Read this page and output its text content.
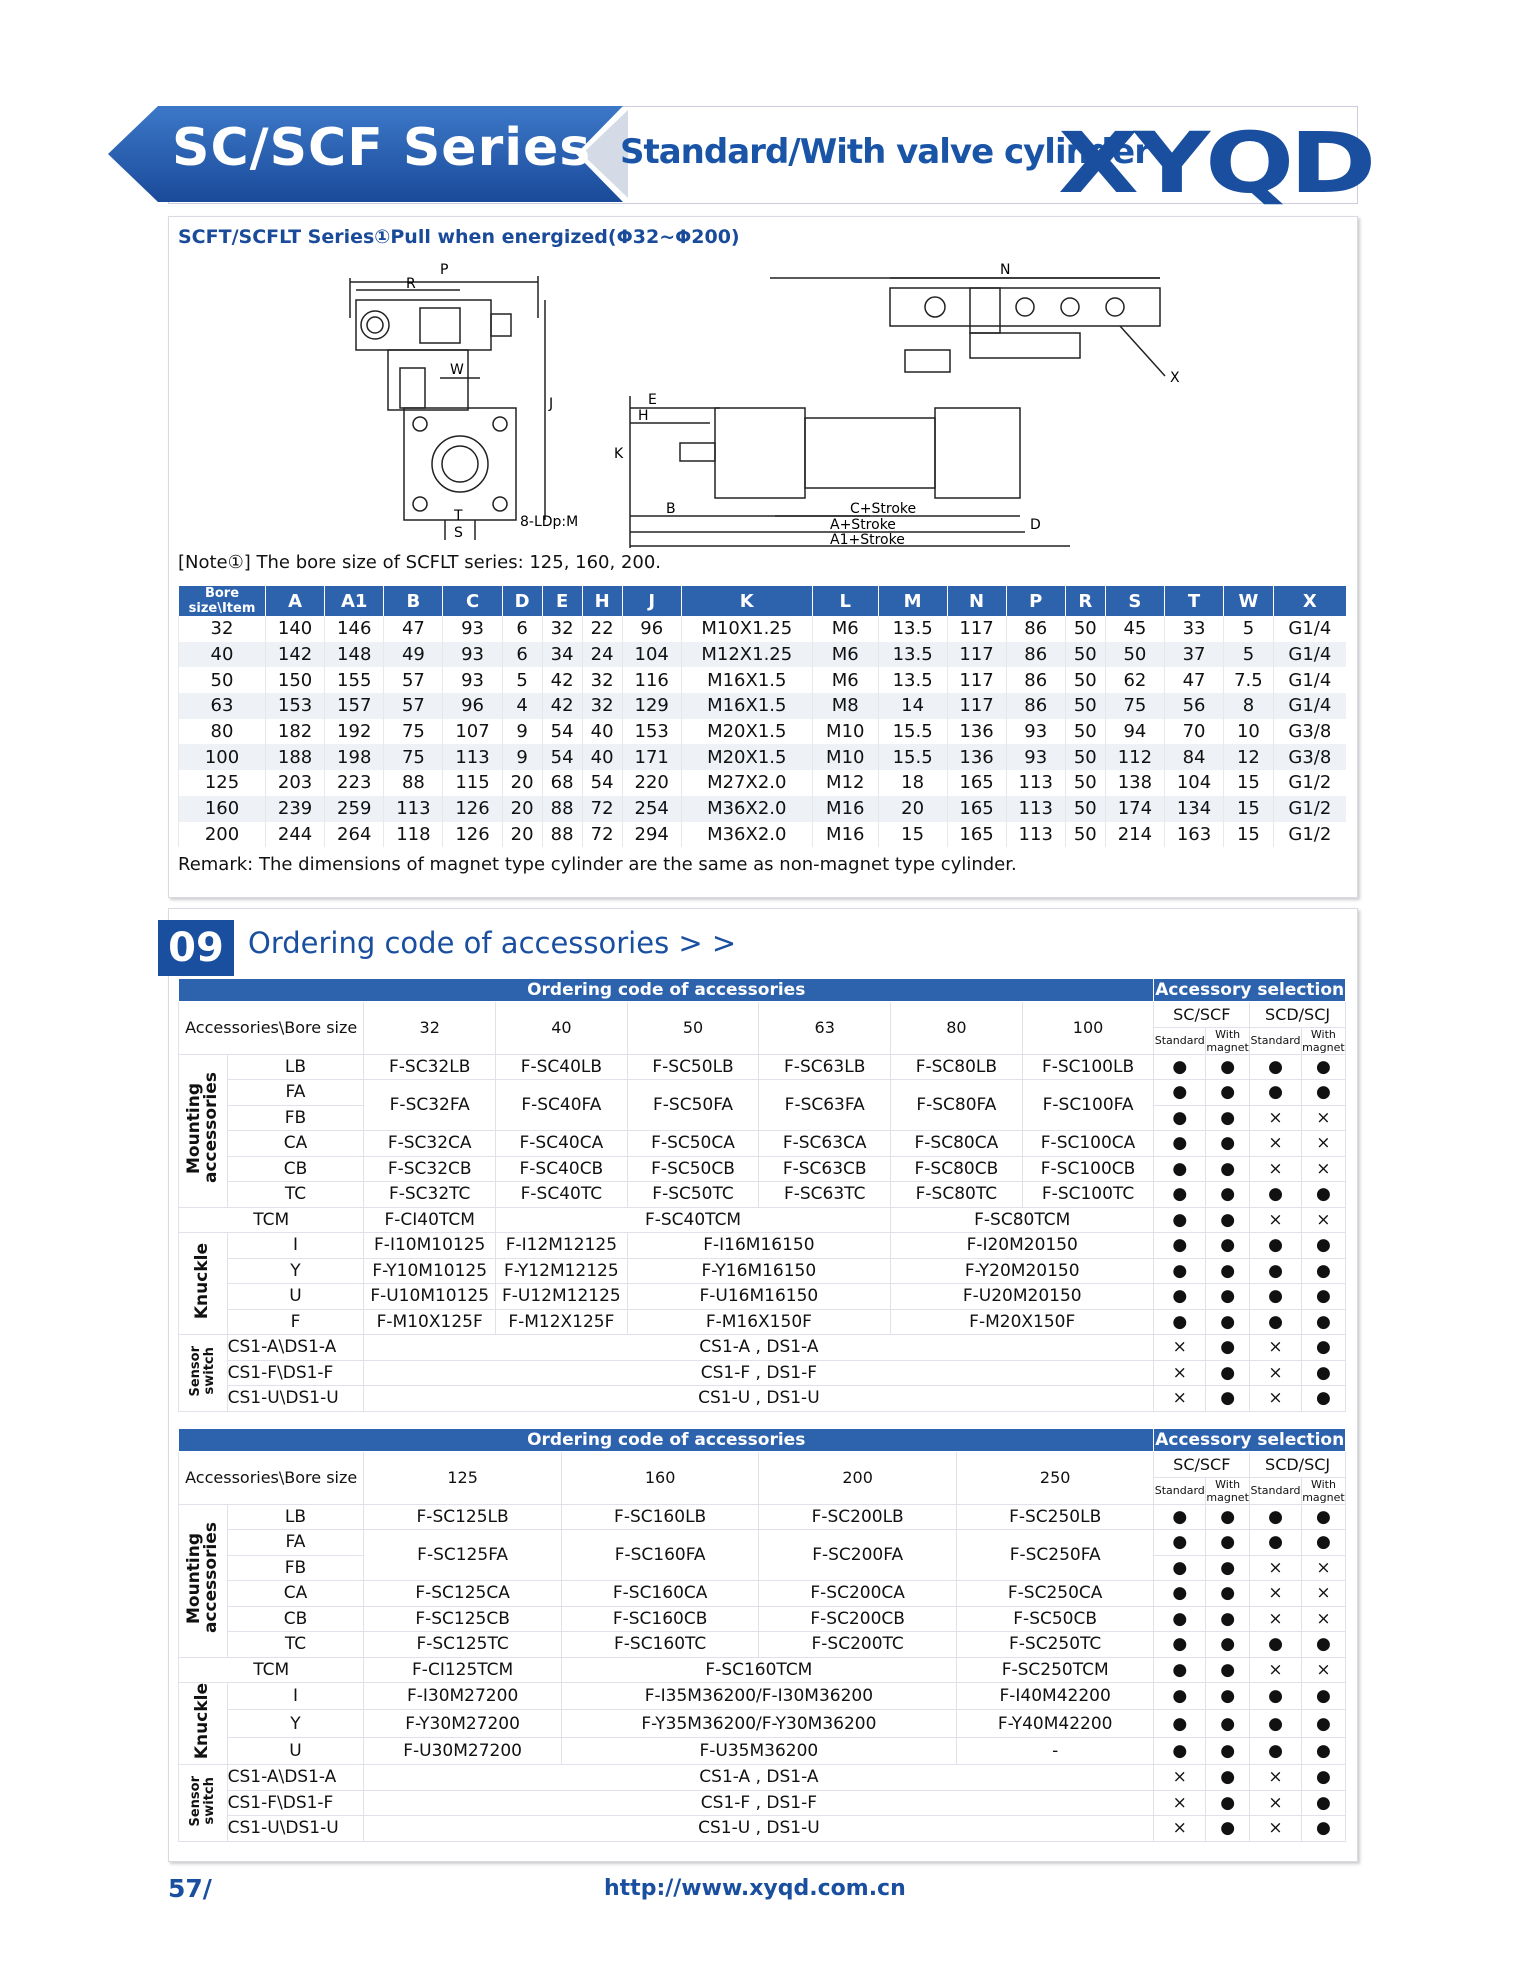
SC/SCF Series Standard/With valve cylinder
XYQD
SCFT/SCFLT Series①Pull when energized(Φ32~Φ200)
P
R
W
J
T
S
8-LDp:M
N
X
E
H
K
B	C+Stroke
A+Stroke
A1+Stroke
D
[Note①] The bore size of SCFLT series: 125, 160, 200.
Bore size\Item	A	A1	B	C	D	E	H	J	K	L	M	N	P	R	S	T	W	X
32	140	146	47	93	6	32	22	96	M10X1.25	M6	13.5	117	86	50	45	33	5	G1/4
40	142	148	49	93	6	34	24	104	M12X1.25	M6	13.5	117	86	50	50	37	5	G1/4
50	150	155	57	93	5	42	32	116	M16X1.5	M6	13.5	117	86	50	62	47	7.5	G1/4
63	153	157	57	96	4	42	32	129	M16X1.5	M8	14	117	86	50	75	56	8	G1/4
80	182	192	75	107	9	54	40	153	M20X1.5	M10	15.5	136	93	50	94	70	10	G3/8
100	188	198	75	113	9	54	40	171	M20X1.5	M10	15.5	136	93	50	112	84	12	G3/8
125	203	223	88	115	20	68	54	220	M27X2.0	M12	18	165	113	50	138	104	15	G1/2
160	239	259	113	126	20	88	72	254	M36X2.0	M16	20	165	113	50	174	134	15	G1/2
200	244	264	118	126	20	88	72	294	M36X2.0	M16	15	165	113	50	214	163	15	G1/2
Remark: The dimensions of magnet type cylinder are the same as non-magnet type cylinder.
09 Ordering code of accessories > >
Ordering code of accessories								Accessory selection			
Accessories\Bore size		32	40	50	63	80	100	SC/SCF		SCD/SCJ	
								Standard	With magnet	Standard	With magnet
Mounting accessories	LB	F-SC32LB	F-SC40LB	F-SC50LB	F-SC63LB	F-SC80LB	F-SC100LB	●	●	●	●
	FA	F-SC32FA	F-SC40FA	F-SC50FA	F-SC63FA	F-SC80FA	F-SC100FA	●	●	●	●
	FB							●	●	×	×
	CA	F-SC32CA	F-SC40CA	F-SC50CA	F-SC63CA	F-SC80CA	F-SC100CA	●	●	×	×
	CB	F-SC32CB	F-SC40CB	F-SC50CB	F-SC63CB	F-SC80CB	F-SC100CB	●	●	×	×
	TC	F-SC32TC	F-SC40TC	F-SC50TC	F-SC63TC	F-SC80TC	F-SC100TC	●	●	●	●
TCM		F-CI40TCM	F-SC40TCM			F-SC80TCM		●	●	×	×
Knuckle	I	F-I10M10125	F-I12M12125	F-I16M16150		F-I20M20150		●	●	●	●
	Y	F-Y10M10125	F-Y12M12125	F-Y16M16150		F-Y20M20150		●	●	●	●
	U	F-U10M10125	F-U12M12125	F-U16M16150		F-U20M20150		●	●	●	●
	F	F-M10X125F	F-M12X125F	F-M16X150F		F-M20X150F		●	●	●	●
Sensor switch	CS1-A\DS1-A	CS1-A , DS1-A						×	●	×	●
	CS1-F\DS1-F	CS1-F , DS1-F						×	●	×	●
	CS1-U\DS1-U	CS1-U , DS1-U						×	●	×	●
Ordering code of accessories						Accessory selection			
Accessories\Bore size		125	160	200	250	SC/SCF		SCD/SCJ	
						Standard	With magnet	Standard	With magnet
Mounting accessories	LB	F-SC125LB	F-SC160LB	F-SC200LB	F-SC250LB	●	●	●	●
	FA	F-SC125FA	F-SC160FA	F-SC200FA	F-SC250FA	●	●	●	●
	FB					●	●	×	×
	CA	F-SC125CA	F-SC160CA	F-SC200CA	F-SC250CA	●	●	×	×
	CB	F-SC125CB	F-SC160CB	F-SC200CB	F-SC50CB	●	●	×	×
	TC	F-SC125TC	F-SC160TC	F-SC200TC	F-SC250TC	●	●	●	●
TCM		F-CI125TCM	F-SC160TCM		F-SC250TCM	●	●	×	×
Knuckle	I	F-I30M27200	F-I35M36200/F-I30M36200		F-I40M42200	●	●	●	●
	Y	F-Y30M27200	F-Y35M36200/F-Y30M36200		F-Y40M42200	●	●	●	●
	U	F-U30M27200	F-U35M36200		-	●	●	●	●
Sensor switch	CS1-A\DS1-A	CS1-A , DS1-A				×	●	×	●
	CS1-F\DS1-F	CS1-F , DS1-F				×	●	×	●
	CS1-U\DS1-U	CS1-U , DS1-U				×	●	×	●
57/	http://www.xyqd.com.cn
